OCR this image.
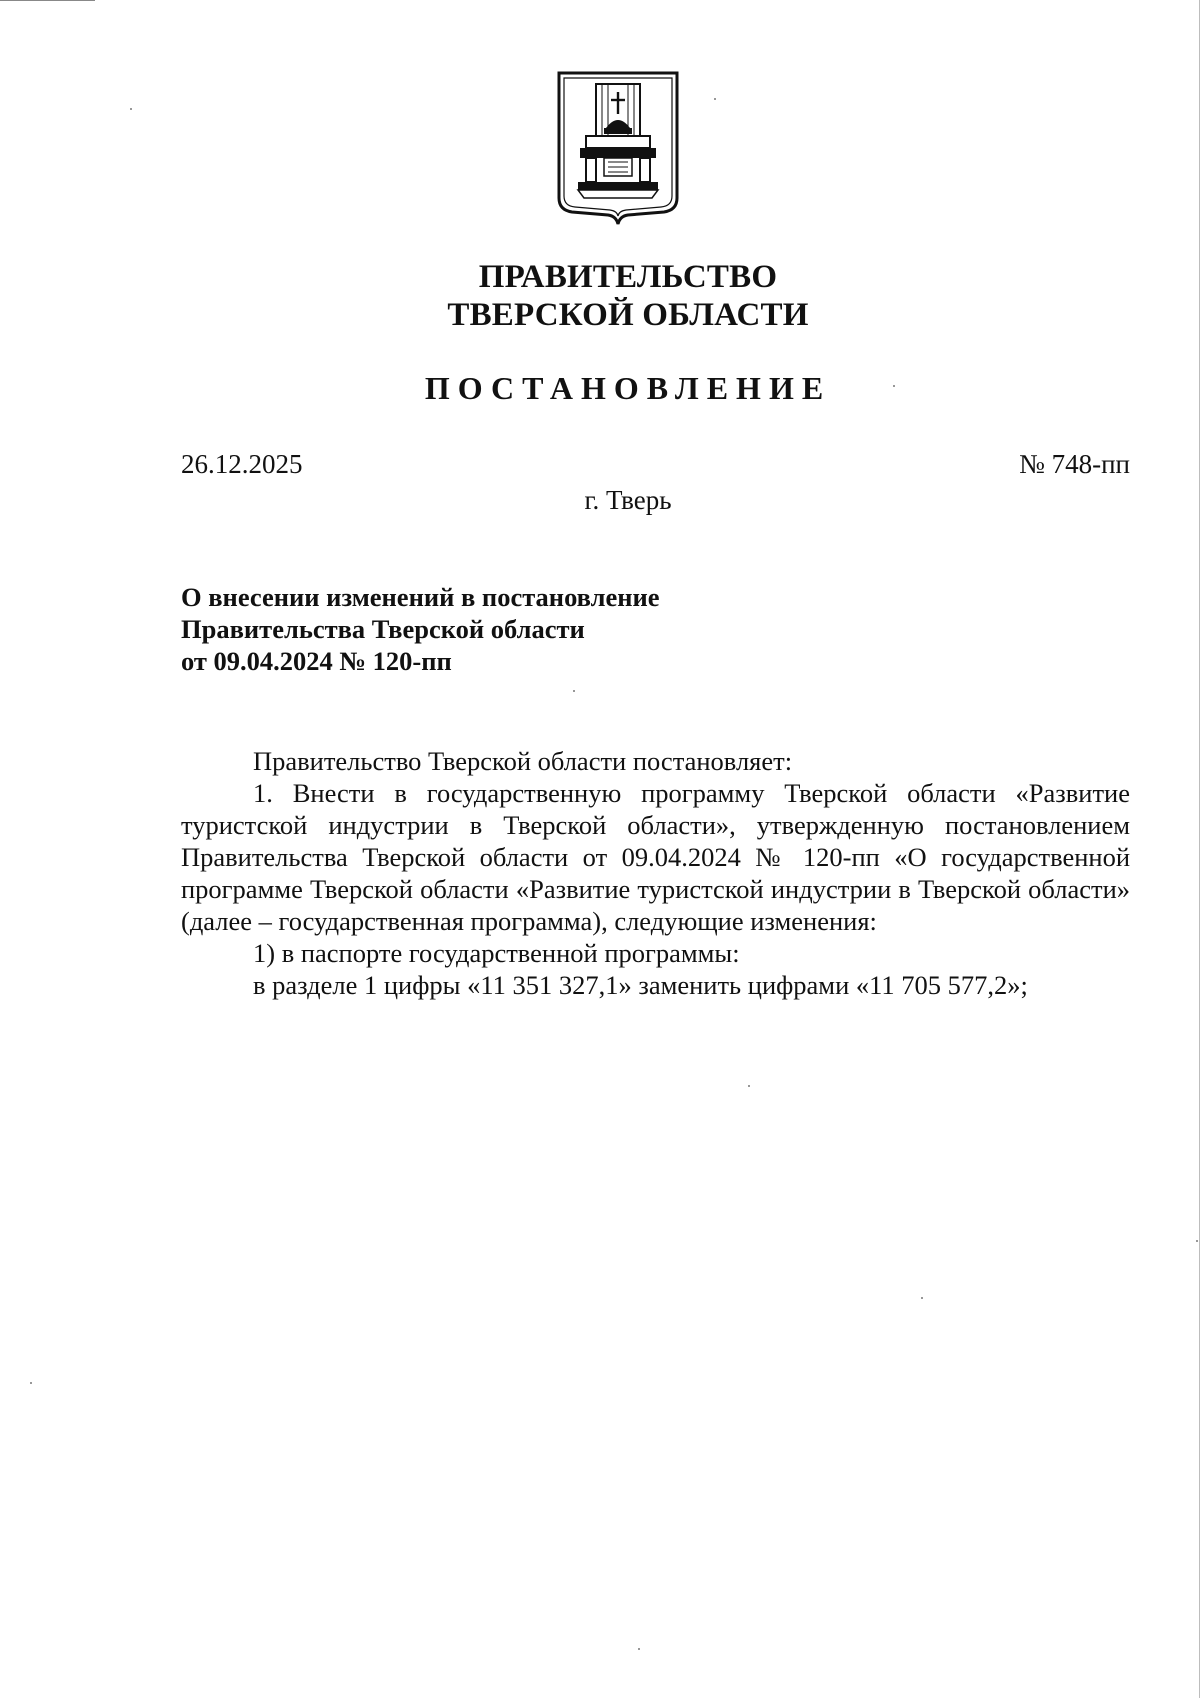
ПРАВИТЕЛЬСТВО
ТВЕРСКОЙ ОБЛАСТИ
ПОСТАНОВЛЕНИЕ
26.12.2025	№ 748-пп
г. Тверь
О внесении изменений в постановление
Правительства Тверской области
от 09.04.2024 № 120-пп

Правительство Тверской области постановляет:

1. Внести в государственную программу Тверской области «Развитие туристской индустрии в Тверской области», утвержденную постановлением Правительства Тверской области от 09.04.2024 № 120-пп «О государственной программе Тверской области «Развитие туристской индустрии в Тверской области» (далее – государственная программа), следующие изменения:

1) в паспорте государственной программы:

в разделе 1 цифры «11 351 327,1» заменить цифрами «11 705 577,2»;
